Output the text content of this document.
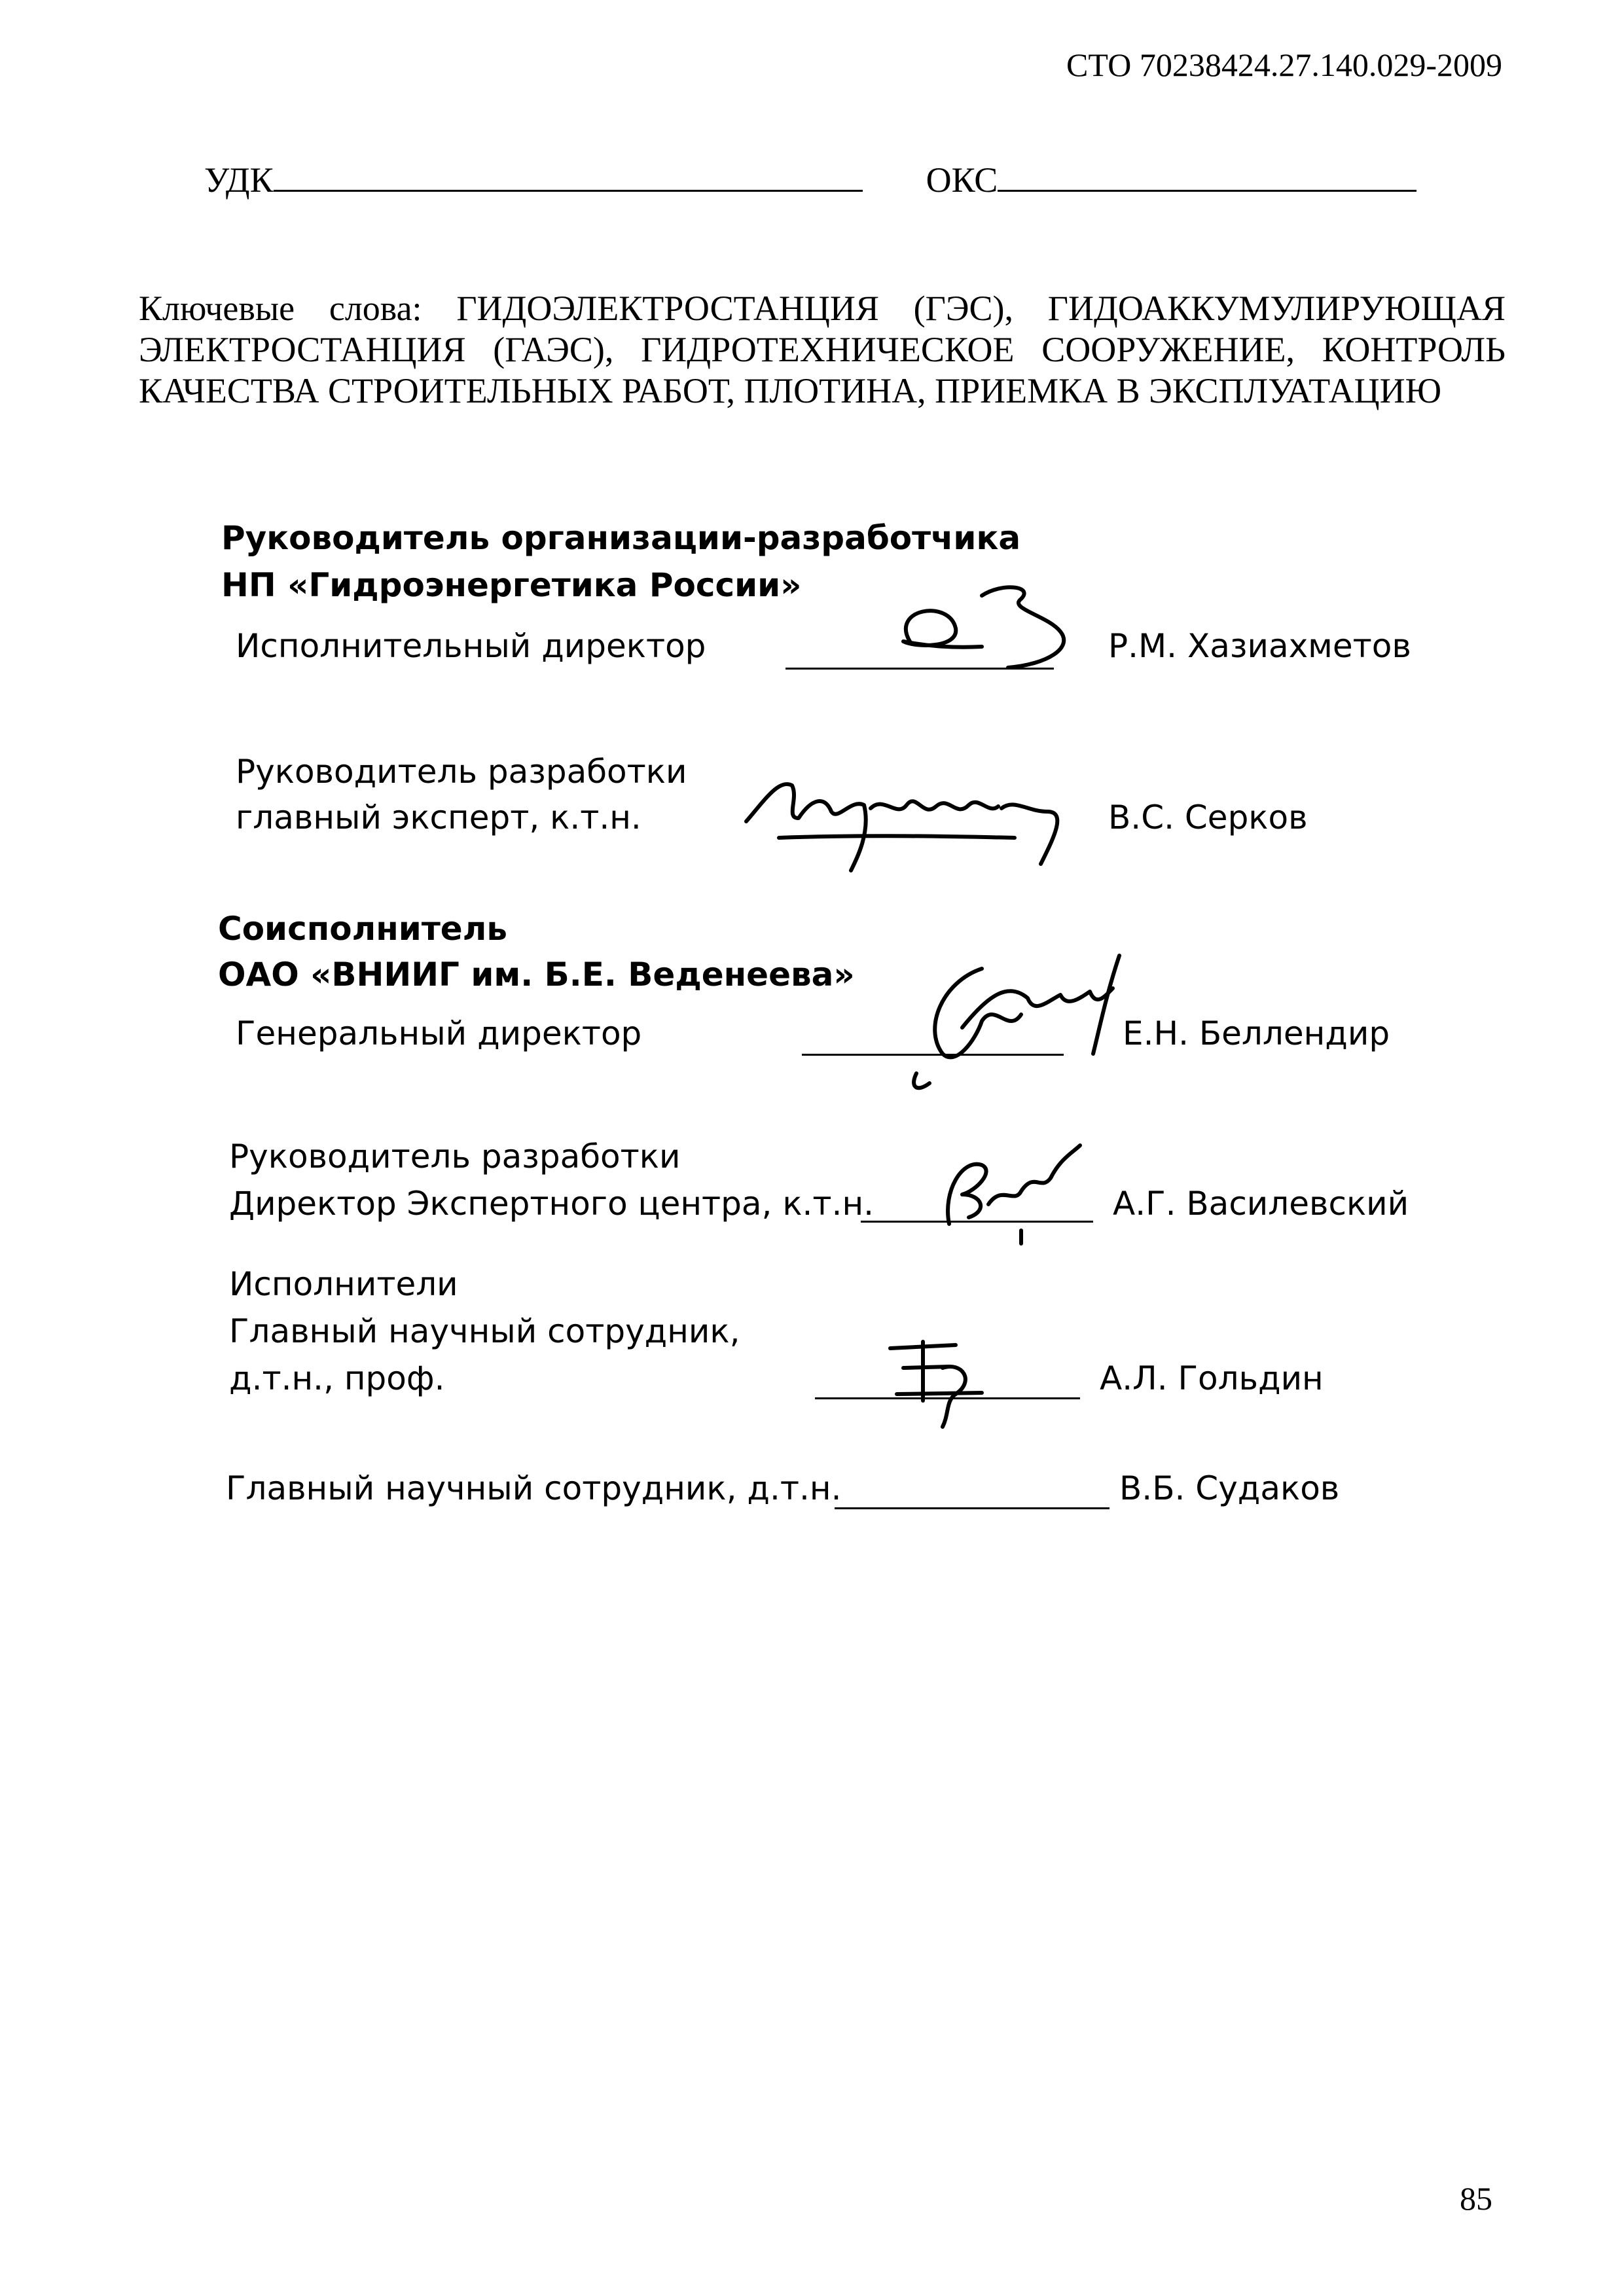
СТО 70238424.27.140.029-2009
УДК	ОКС
Ключевые слова: ГИДОЭЛЕКТРОСТАНЦИЯ (ГЭС), ГИДОАККУМУЛИРУЮЩАЯ ЭЛЕКТРОСТАНЦИЯ (ГАЭС), ГИДРОТЕХНИЧЕСКОЕ СООРУЖЕНИЕ, КОНТРОЛЬ КАЧЕСТВА СТРОИТЕЛЬНЫХ РАБОТ, ПЛОТИНА, ПРИЕМКА В ЭКСПЛУАТАЦИЮ
Руководитель организации-разработчика
НП «Гидроэнергетика России»
Исполнительный директор	Р.М. Хазиахметов
Руководитель разработки
главный эксперт, к.т.н.	В.С. Серков
Соисполнитель
ОАО «ВНИИГ им. Б.Е. Веденеева»
Генеральный директор	Е.Н. Беллендир
Руководитель разработки
Директор Экспертного центра, к.т.н.	А.Г. Василевский
Исполнители
Главный научный сотрудник,
д.т.н., проф.	А.Л. Гольдин
Главный научный сотрудник, д.т.н.	В.Б. Судаков
85
